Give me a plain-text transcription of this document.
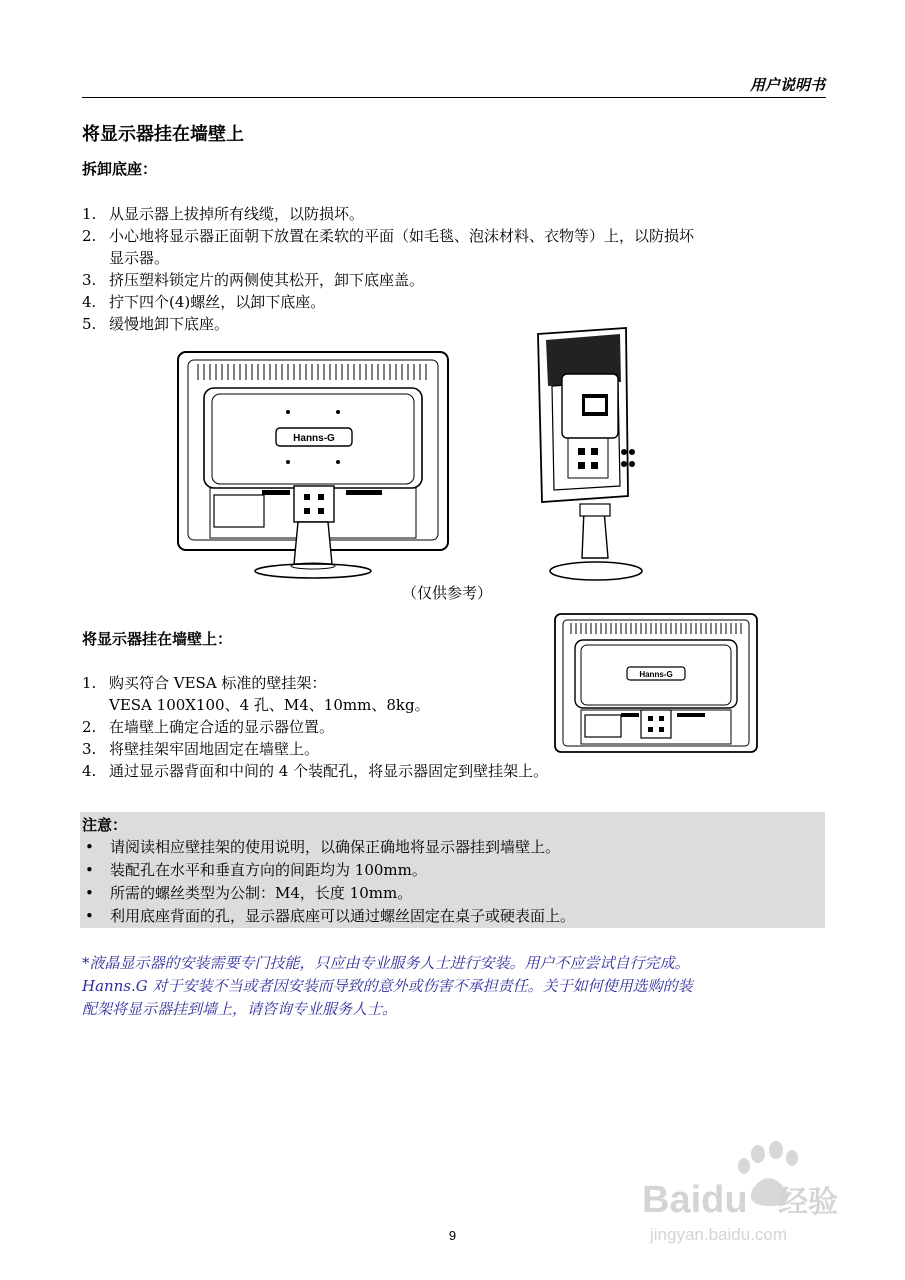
用户说明书
将显示器挂在墙壁上
拆卸底座：
1. 从显示器上拔掉所有线缆，以防损坏。
2. 小心地将显示器正面朝下放置在柔软的平面（如毛毯、泡沫材料、衣物等）上，以防损坏
显示器。
3. 挤压塑料锁定片的两侧使其松开，卸下底座盖。
4. 拧下四个(4)螺丝，以卸下底座。
5. 缓慢地卸下底座。
Hanns-G
（仅供参考）
将显示器挂在墙壁上：
1. 购买符合 VESA 标准的壁挂架：
VESA 100X100、4 孔、M4、10mm、8kg。
2. 在墙壁上确定合适的显示器位置。
3. 将壁挂架牢固地固定在墙壁上。
4. 通过显示器背面和中间的 4 个装配孔，将显示器固定到壁挂架上。
Hanns-G
注意：
• 请阅读相应壁挂架的使用说明，以确保正确地将显示器挂到墙壁上。
• 装配孔在水平和垂直方向的间距均为 100mm。
• 所需的螺丝类型为公制：M4，长度 10mm。
• 利用底座背面的孔，显示器底座可以通过螺丝固定在桌子或硬表面上。
*液晶显示器的安装需要专门技能，只应由专业服务人士进行安装。用户不应尝试自行完成。
Hanns.G 对于安装不当或者因安装而导致的意外或伤害不承担责任。关于如何使用选购的装
配架将显示器挂到墙上，请咨询专业服务人士。
Baidu 经验
jingyan.baidu.com
9
